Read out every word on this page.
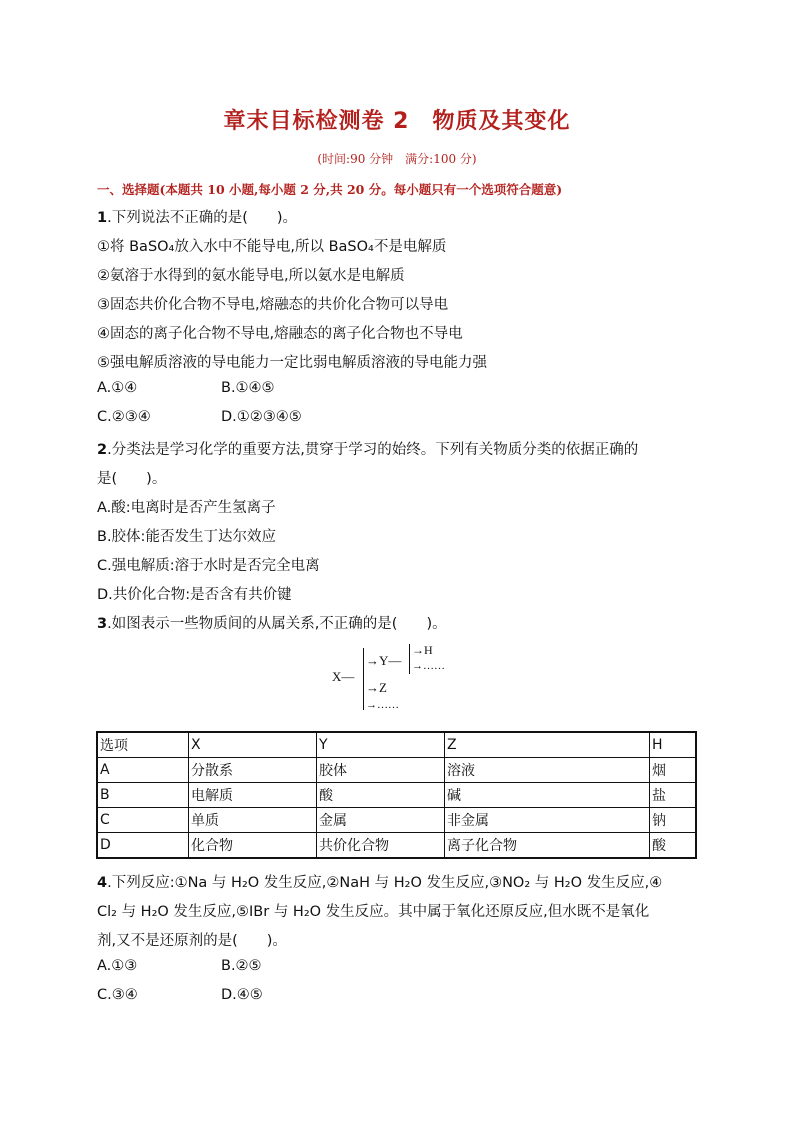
章末目标检测卷 2　物质及其变化
(时间:90 分钟　满分:100 分)
一、选择题(本题共 10 小题,每小题 2 分,共 20 分。每小题只有一个选项符合题意)
1.下列说法不正确的是(　　)。
①将 BaSO₄放入水中不能导电,所以 BaSO₄不是电解质
②氨溶于水得到的氨水能导电,所以氨水是电解质
③固态共价化合物不导电,熔融态的共价化合物可以导电
④固态的离子化合物不导电,熔融态的离子化合物也不导电
⑤强电解质溶液的导电能力一定比弱电解质溶液的导电能力强
A.①④	B.①④⑤
C.②③④	D.①②③④⑤
2.分类法是学习化学的重要方法,贯穿于学习的始终。下列有关物质分类的依据正确的
是(　　)。
A.酸:电离时是否产生氢离子
B.胶体:能否发生丁达尔效应
C.强电解质:溶于水时是否完全电离
D.共价化合物:是否含有共价键
3.如图表示一些物质间的从属关系,不正确的是(　　)。
X—
→Y—
→H
→……
→Z
→……
选项	X	Y	Z	H
A	分散系	胶体	溶液	烟
B	电解质	酸	碱	盐
C	单质	金属	非金属	钠
D	化合物	共价化合物	离子化合物	酸
4.下列反应:①Na 与 H₂O 发生反应,②NaH 与 H₂O 发生反应,③NO₂ 与 H₂O 发生反应,④
Cl₂ 与 H₂O 发生反应,⑤IBr 与 H₂O 发生反应。其中属于氧化还原反应,但水既不是氧化
剂,又不是还原剂的是(　　)。
A.①③	B.②⑤
C.③④	D.④⑤
